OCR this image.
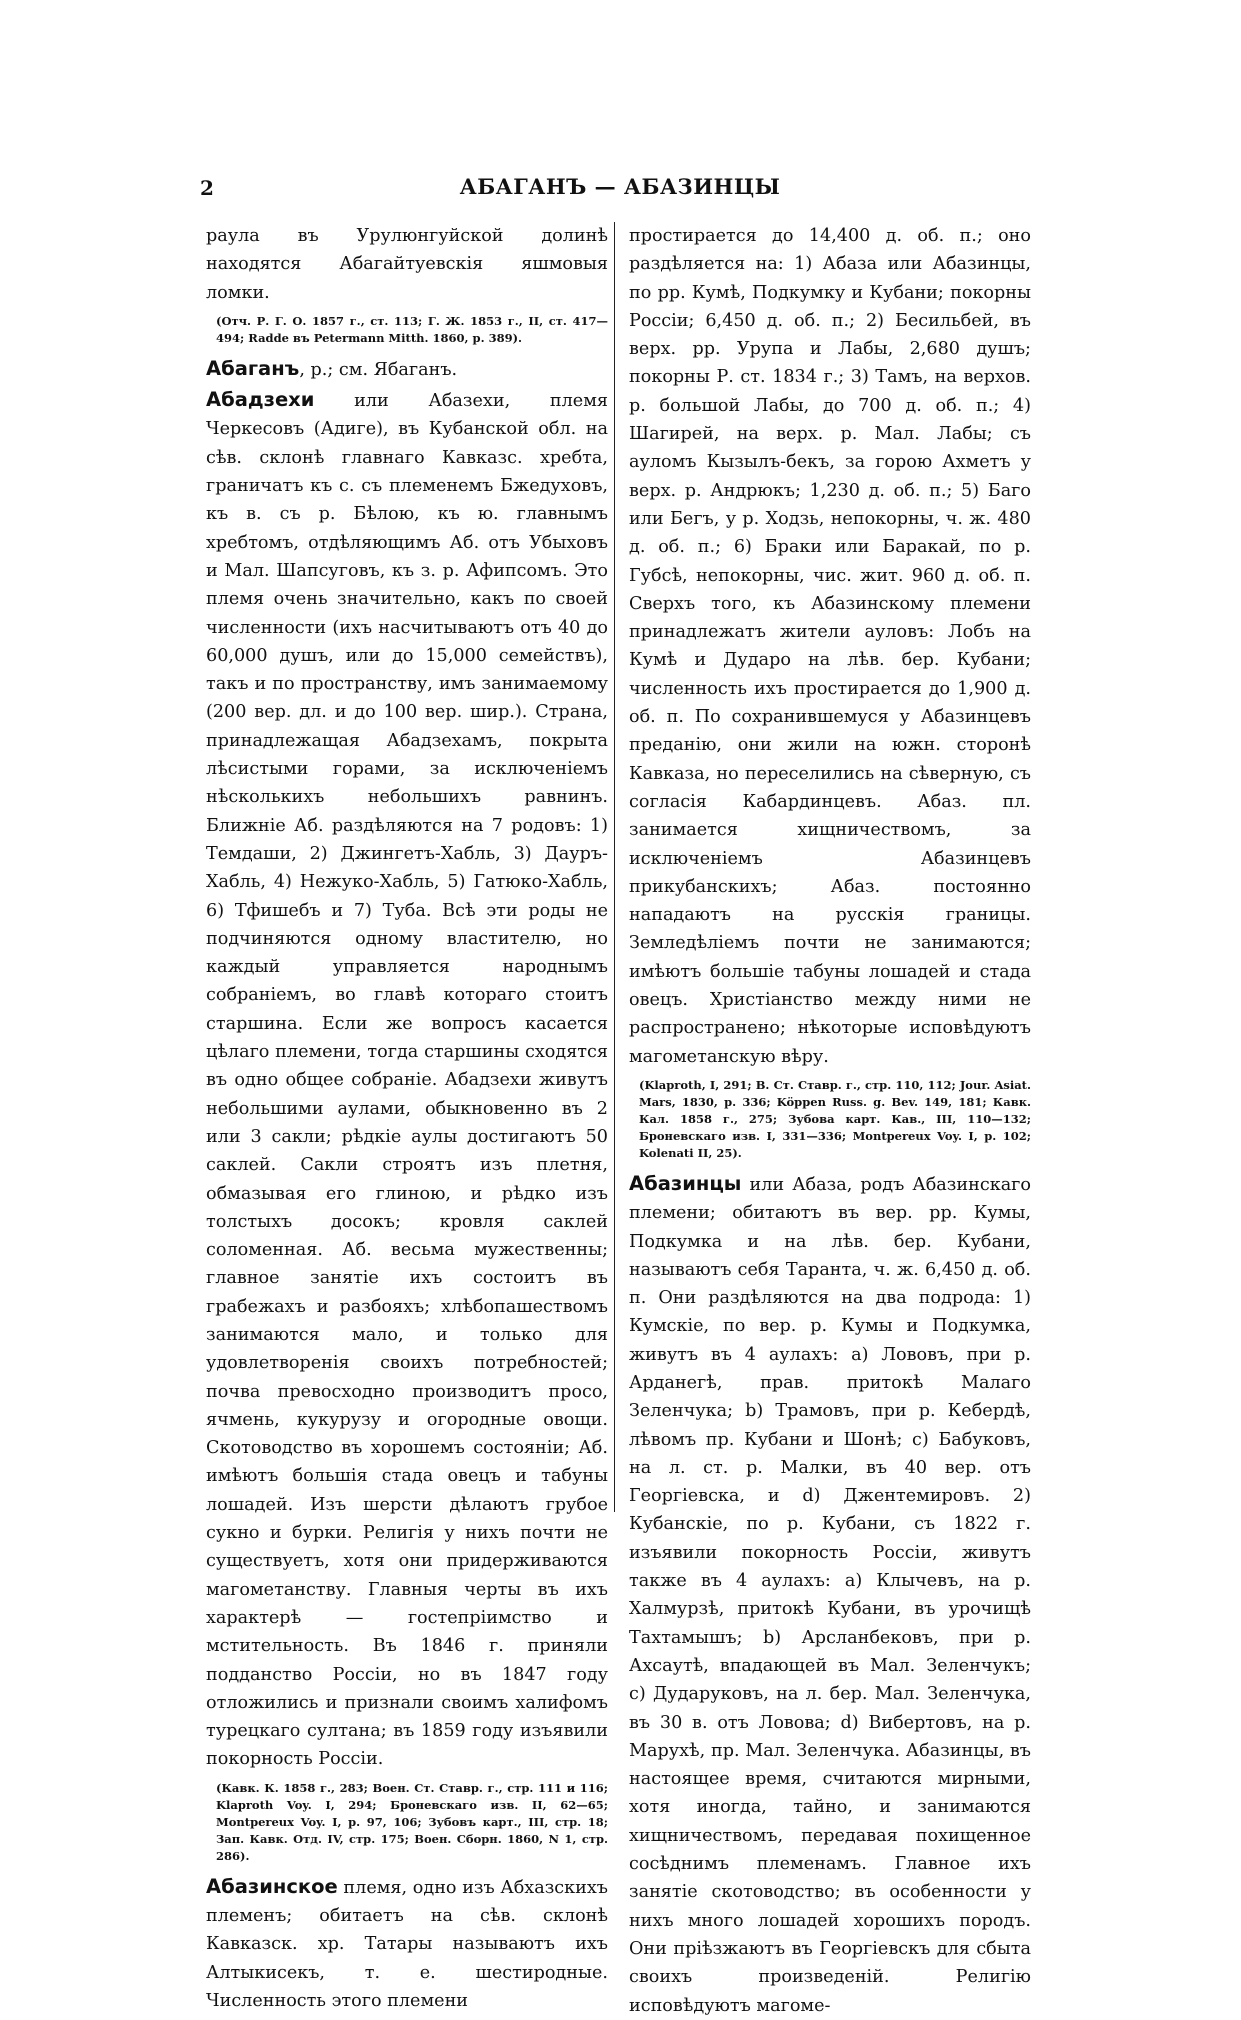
2	АБАГАНЪ — АБАЗИНЦЫ

раула въ Урулюнгуйской долинѣ находятся Абагайтуевскія яшмовыя ломки.

(Отч. Р. Г. О. 1857 г., ст. 113; Г. Ж. 1853 г., II, ст. 417—494; Radde въ Petermann Mitth. 1860, p. 389).

Абаганъ, р.; см. Ябаганъ.

Абадзехи или Абазехи, племя Черкесовъ (Адиге), въ Кубанской обл. на сѣв. склонѣ главнаго Кавказс. хребта, граничатъ къ с. съ племенемъ Бжедуховъ, къ в. съ р. Бѣлою, къ ю. главнымъ хребтомъ, отдѣляющимъ Аб. отъ Убыховъ и Мал. Шапсуговъ, къ з. р. Афипсомъ. Это племя очень значительно, какъ по своей численности (ихъ насчитываютъ отъ 40 до 60,000 душъ, или до 15,000 семействъ), такъ и по пространству, имъ занимаемому (200 вер. дл. и до 100 вер. шир.). Страна, принадлежащая Абадзехамъ, покрыта лѣсистыми горами, за исключеніемъ нѣсколькихъ небольшихъ равнинъ. Ближніе Аб. раздѣляются на 7 родовъ: 1) Темдаши, 2) Джингетъ-Хабль, 3) Дауръ-Хабль, 4) Нежуко-Хабль, 5) Гатюко-Хабль, 6) Тфишебъ и 7) Туба. Всѣ эти роды не подчиняются одному властителю, но каждый управляется народнымъ собраніемъ, во главѣ котораго стоитъ старшина. Если же вопросъ касается цѣлаго племени, тогда старшины сходятся въ одно общее собраніе. Абадзехи живутъ небольшими аулами, обыкновенно въ 2 или 3 сакли; рѣдкіе аулы достигаютъ 50 саклей. Сакли строятъ изъ плетня, обмазывая его глиною, и рѣдко изъ толстыхъ досокъ; кровля саклей соломенная. Аб. весьма мужественны; главное занятіе ихъ состоитъ въ грабежахъ и разбояхъ; хлѣбопашествомъ занимаются мало, и только для удовлетворенія своихъ потребностей; почва превосходно производитъ просо, ячмень, кукурузу и огородные овощи. Скотоводство въ хорошемъ состояніи; Аб. имѣютъ большія стада овецъ и табуны лошадей. Изъ шерсти дѣлаютъ грубое сукно и бурки. Религія у нихъ почти не существуетъ, хотя они придерживаются магометанству. Главныя черты въ ихъ характерѣ — гостепріимство и мстительность. Въ 1846 г. приняли подданство Россіи, но въ 1847 году отложились и признали своимъ халифомъ турецкаго султана; въ 1859 году изъявили покорность Россіи.

(Кавк. К. 1858 г., 283; Воен. Ст. Ставр. г., стр. 111 и 116; Klaproth Voy. I, 294; Броневскаго изв. II, 62—65; Montpereux Voy. I, p. 97, 106; Зубовъ карт., III, стр. 18; Зап. Кавк. Отд. IV, стр. 175; Воен. Сборн. 1860, N 1, стр. 286).

Абазинское племя, одно изъ Абхазскихъ племенъ; обитаетъ на сѣв. склонѣ Кавказск. хр. Татары называютъ ихъ Алтыкисекъ, т. е. шестиродные. Численность этого племени

простирается до 14,400 д. об. п.; оно раздѣляется на: 1) Абаза или Абазинцы, по рр. Кумѣ, Подкумку и Кубани; покорны Россіи; 6,450 д. об. п.; 2) Бесильбей, въ верх. рр. Урупа и Лабы, 2,680 душъ; покорны Р. ст. 1834 г.; 3) Тамъ, на верхов. р. большой Лабы, до 700 д. об. п.; 4) Шагирей, на верх. р. Мал. Лабы; съ ауломъ Кызылъ-бекъ, за горою Ахметъ у верх. р. Андрюкъ; 1,230 д. об. п.; 5) Баго или Бегъ, у р. Ходзь, непокорны, ч. ж. 480 д. об. п.; 6) Браки или Баракай, по р. Губсѣ, непокорны, чис. жит. 960 д. об. п. Сверхъ того, къ Абазинскому племени принадлежатъ жители ауловъ: Лобъ на Кумѣ и Дударо на лѣв. бер. Кубани; численность ихъ простирается до 1,900 д. об. п. По сохранившемуся у Абазинцевъ преданію, они жили на южн. сторонѣ Кавказа, но переселились на сѣверную, съ согласія Кабардинцевъ. Абаз. пл. занимается хищничествомъ, за исключеніемъ Абазинцевъ прикубанскихъ; Абаз. постоянно нападаютъ на русскія границы. Земледѣліемъ почти не занимаются; имѣютъ большіе табуны лошадей и стада овецъ. Христіанство между ними не распространено; нѣкоторые исповѣдуютъ магометанскую вѣру.

(Klaproth, I, 291; В. Ст. Ставр. г., стр. 110, 112; Jour. Asiat. Mars, 1830, p. 336; Köppen Russ. g. Bev. 149, 181; Кавк. Кал. 1858 г., 275; Зубова карт. Кав., III, 110—132; Броневскаго изв. I, 331—336; Montpereux Voy. I, p. 102; Kolenati II, 25).

Абазинцы или Абаза, родъ Абазинскаго племени; обитаютъ въ вер. рр. Кумы, Подкумка и на лѣв. бер. Кубани, называютъ себя Таранта, ч. ж. 6,450 д. об. п. Они раздѣляются на два подрода: 1) Кумскіе, по вер. р. Кумы и Подкумка, живутъ въ 4 аулахъ: a) Лововъ, при р. Арданегѣ, прав. притокѣ Малаго Зеленчука; b) Трамовъ, при р. Кебердѣ, лѣвомъ пр. Кубани и Шонѣ; c) Бабуковъ, на л. ст. р. Малки, въ 40 вер. отъ Георгіевска, и d) Джентемировъ. 2) Кубанскіе, по р. Кубани, съ 1822 г. изъявили покорность Россіи, живутъ также въ 4 аулахъ: a) Клычевъ, на р. Халмурзѣ, притокѣ Кубани, въ урочищѣ Тахтамышъ; b) Арсланбековъ, при р. Ахсаутѣ, впадающей въ Мал. Зеленчукъ; c) Дударуковъ, на л. бер. Мал. Зеленчука, въ 30 в. отъ Ловова; d) Вибертовъ, на р. Марухѣ, пр. Мал. Зеленчука. Абазинцы, въ настоящее время, считаются мирными, хотя иногда, тайно, и занимаются хищничествомъ, передавая похищенное сосѣднимъ племенамъ. Главное ихъ занятіе скотоводство; въ особенности у нихъ много лошадей хорошихъ породъ. Они пріѣзжаютъ въ Георгіевскъ для сбыта своихъ произведеній. Религію исповѣдуютъ магоме-
